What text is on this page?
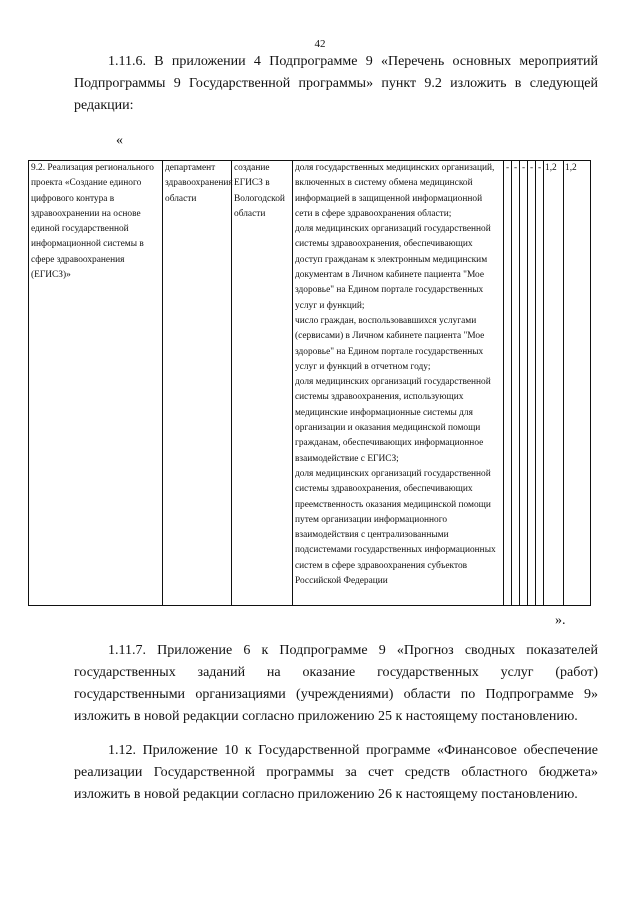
42

1.11.6. В приложении 4 Подпрограмме 9 «Перечень основных мероприятий Подпрограммы 9 Государственной программы» пункт 9.2 изложить в следующей редакции:

«
9.2. Реализация регионального проекта «Создание единого цифрового контура в здравоохранении на основе единой государственной информационной системы в сфере здравоохранения (ЕГИСЗ)»	департамент здравоохранения области	создание ЕГИСЗ в Вологодской области	доля государственных медицинских организаций, включенных в систему обмена медицинской информацией в защищенной информационной сети в сфере здравоохранения области;
доля медицинских организаций государственной системы здравоохранения, обеспечивающих доступ гражданам к электронным медицинским документам в Личном кабинете пациента "Мое здоровье" на Едином портале государственных услуг и функций;
число граждан, воспользовавшихся услугами (сервисами) в Личном кабинете пациента "Мое здоровье" на Едином портале государственных услуг и функций в отчетном году;
доля медицинских организаций государственной системы здравоохранения, использующих медицинские информационные системы для организации и оказания медицинской помощи гражданам, обеспечивающих информационное взаимодействие с ЕГИСЗ;
доля медицинских организаций государственной системы здравоохранения, обеспечивающих преемственность оказания медицинской помощи путем организации информационного взаимодействия с централизованными подсистемами государственных информационных систем в сфере здравоохранения субъектов Российской Федерации	-	-	-	-	-	1,2	1,2
».

1.11.7. Приложение 6 к Подпрограмме 9 «Прогноз сводных показателей государственных заданий на оказание государственных услуг (работ) государственными организациями (учреждениями) области по Подпрограмме 9» изложить в новой редакции согласно приложению 25 к настоящему постановлению.

1.12. Приложение 10 к Государственной программе «Финансовое обеспечение реализации Государственной программы за счет средств областного бюджета» изложить в новой редакции согласно приложению 26 к настоящему постановлению.
